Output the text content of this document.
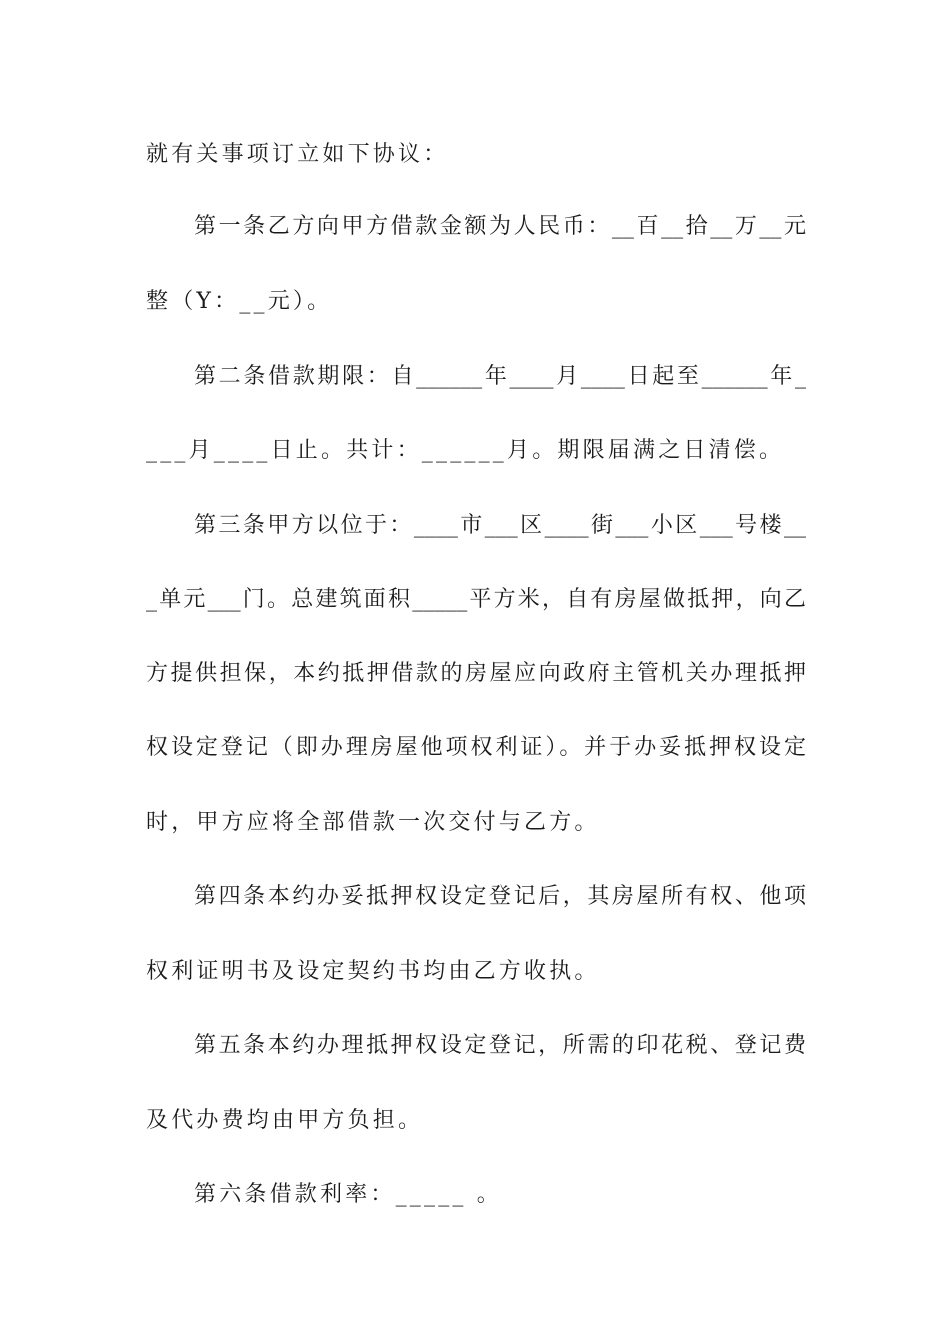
就有关事项订立如下协议：
第一条乙方向甲方借款金额为人民币：__百__拾__万__元
整（Y：__元）。
第二条借款期限：自______年____月____日起至______年_
___月____日止。共计：______月。期限届满之日清偿。
第三条甲方以位于：____市___区____街___小区___号楼__
_单元___门。总建筑面积_____平方米，自有房屋做抵押，向乙
方提供担保，本约抵押借款的房屋应向政府主管机关办理抵押
权设定登记（即办理房屋他项权利证）。并于办妥抵押权设定
时，甲方应将全部借款一次交付与乙方。
第四条本约办妥抵押权设定登记后，其房屋所有权、他项
权利证明书及设定契约书均由乙方收执。
第五条本约办理抵押权设定登记，所需的印花税、登记费
及代办费均由甲方负担。
第六条借款利率：_____ 。
